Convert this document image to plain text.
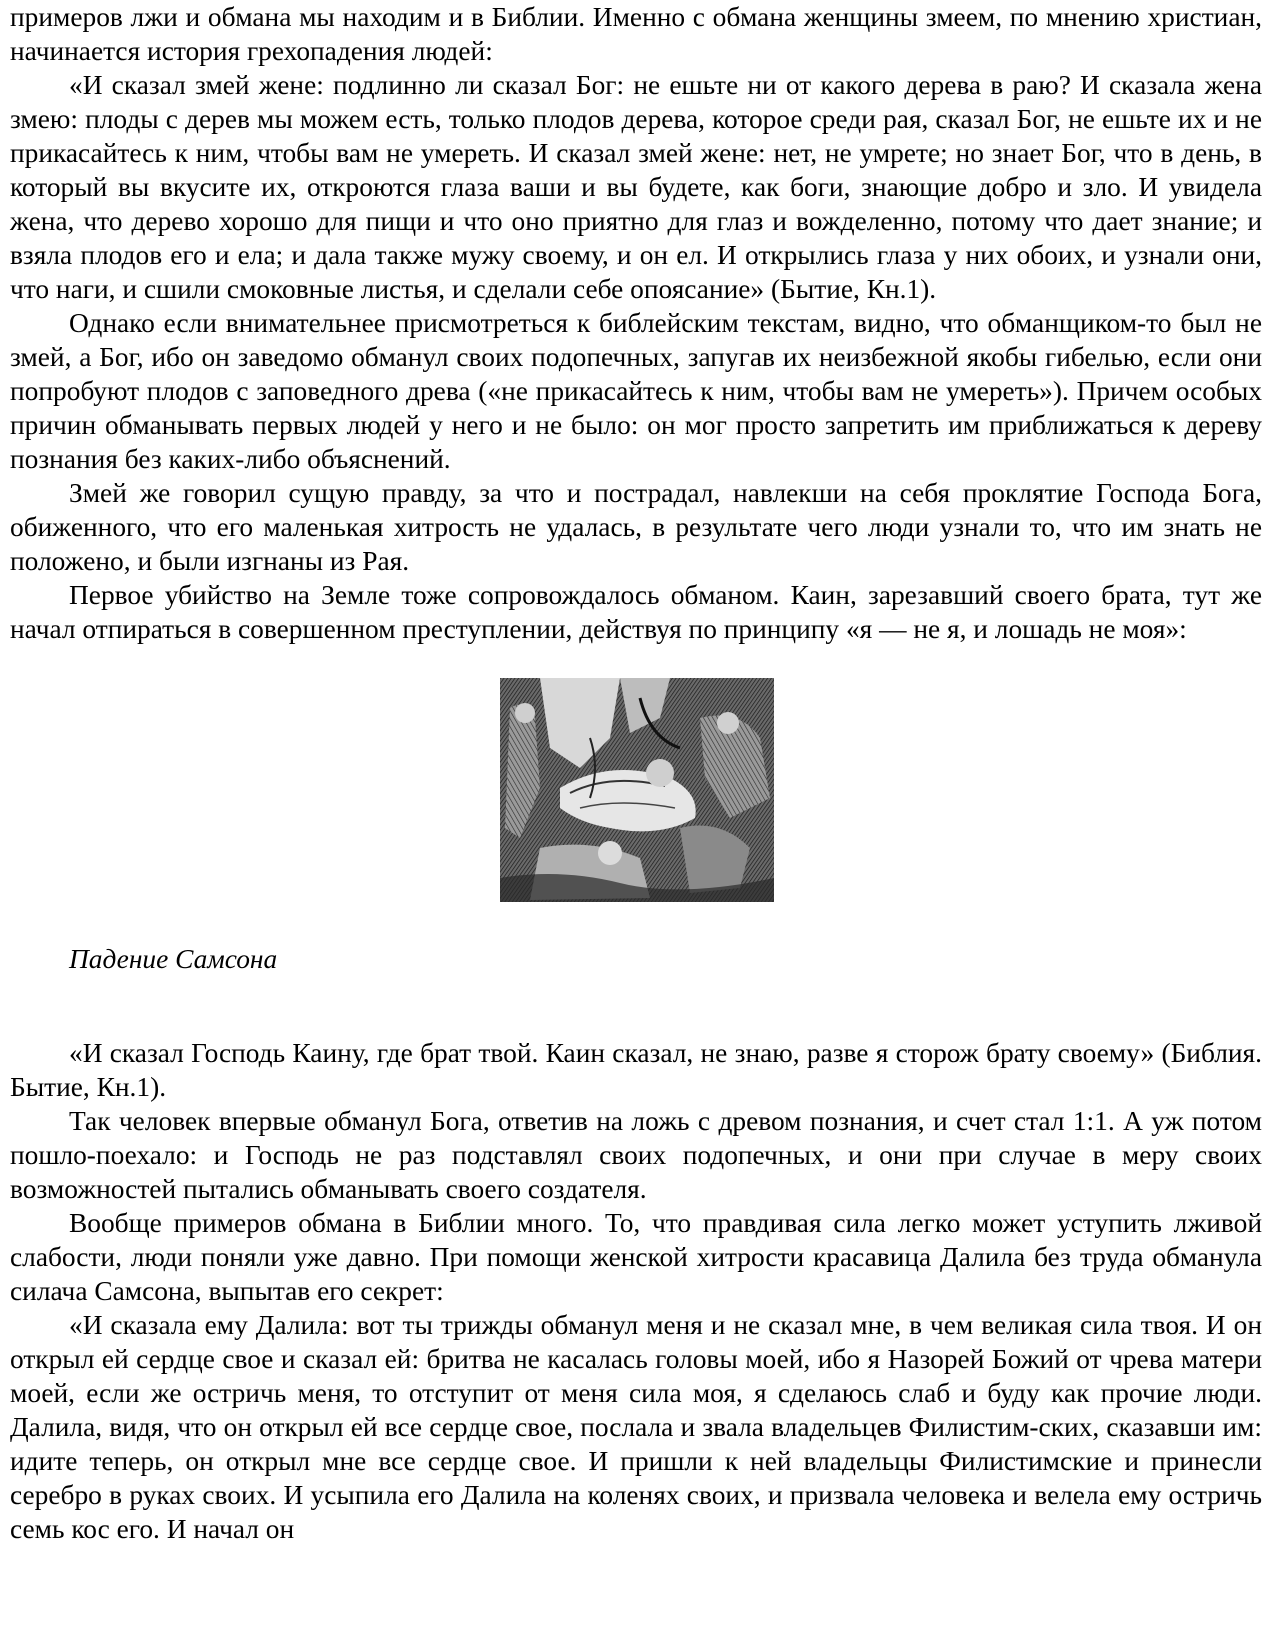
примеров лжи и обмана мы находим и в Библии. Именно с обмана женщины змеем, по мнению христиан, начинается история грехопадения людей:

«И сказал змей жене: подлинно ли сказал Бог: не ешьте ни от какого дерева в раю? И сказала жена змею: плоды с дерев мы можем есть, только плодов дерева, которое среди рая, сказал Бог, не ешьте их и не прикасайтесь к ним, чтобы вам не умереть. И сказал змей жене: нет, не умрете; но знает Бог, что в день, в который вы вкусите их, откроются глаза ваши и вы будете, как боги, знающие добро и зло. И увидела жена, что дерево хорошо для пищи и что оно приятно для глаз и вожделенно, потому что дает знание; и взяла плодов его и ела; и дала также мужу своему, и он ел. И открылись глаза у них обоих, и узнали они, что наги, и сшили смоковные листья, и сделали себе опоясание» (Бытие, Кн.1).

Однако если внимательнее присмотреться к библейским текстам, видно, что обманщиком-то был не змей, а Бог, ибо он заведомо обманул своих подопечных, запугав их неизбежной якобы гибелью, если они попробуют плодов с заповедного древа («не прикасайтесь к ним, чтобы вам не умереть»). Причем особых причин обманывать первых людей у него и не было: он мог просто запретить им приближаться к дереву познания без каких-либо объяснений.

Змей же говорил сущую правду, за что и пострадал, навлекши на себя проклятие Господа Бога, обиженного, что его маленькая хитрость не удалась, в результате чего люди узнали то, что им знать не положено, и были изгнаны из Рая.

Первое убийство на Земле тоже сопровождалось обманом. Каин, зарезавший своего брата, тут же начал отпираться в совершенном преступлении, действуя по принципу «я — не я, и лошадь не моя»:

Падение Самсона

«И сказал Господь Каину, где брат твой. Каин сказал, не знаю, разве я сторож брату своему» (Библия. Бытие, Кн.1).

Так человек впервые обманул Бога, ответив на ложь с древом познания, и счет стал 1:1. А уж потом пошло-поехало: и Господь не раз подставлял своих подопечных, и они при случае в меру своих возможностей пытались обманывать своего создателя.

Вообще примеров обмана в Библии много. То, что правдивая сила легко может уступить лживой слабости, люди поняли уже давно. При помощи женской хитрости красавица Далила без труда обманула силача Самсона, выпытав его секрет:

«И сказала ему Далила: вот ты трижды обманул меня и не сказал мне, в чем великая сила твоя. И он открыл ей сердце свое и сказал ей: бритва не касалась головы моей, ибо я Назорей Божий от чрева матери моей, если же остричь меня, то отступит от меня сила моя, я сделаюсь слаб и буду как прочие люди. Далила, видя, что он открыл ей все сердце свое, послала и звала владельцев Филистим-ских, сказавши им: идите теперь, он открыл мне все сердце свое. И пришли к ней владельцы Филистимские и принесли серебро в руках своих. И усыпила его Далила на коленях своих, и призвала человека и велела ему остричь семь кос его. И начал он
